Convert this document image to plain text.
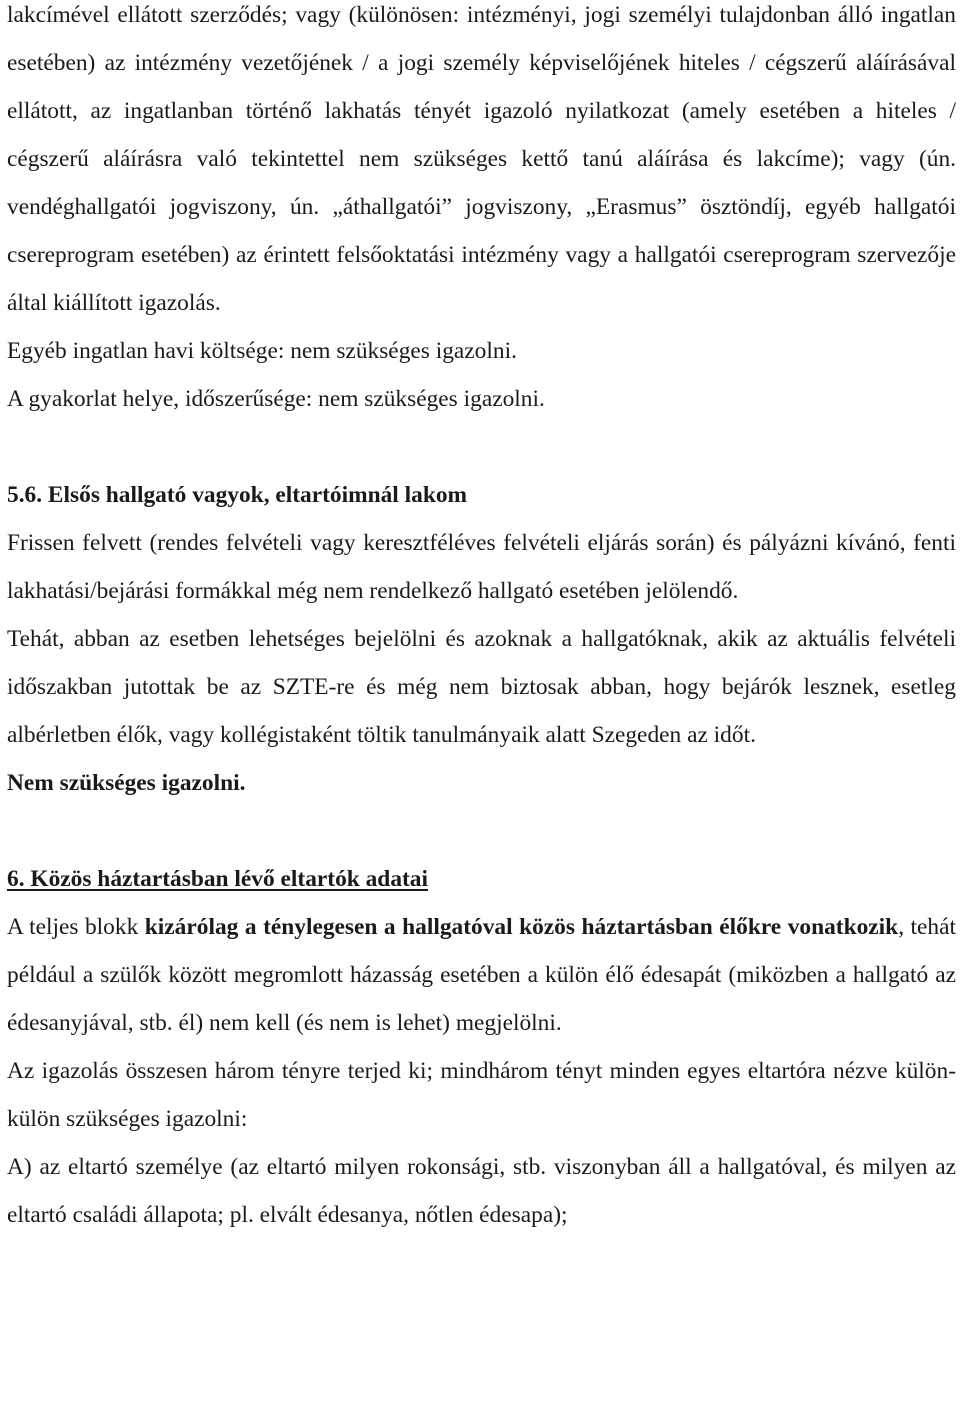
lakcímével ellátott szerződés; vagy (különösen: intézményi, jogi személyi tulajdonban álló ingatlan esetében) az intézmény vezetőjének / a jogi személy képviselőjének hiteles / cégszerű aláírásával ellátott, az ingatlanban történő lakhatás tényét igazoló nyilatkozat (amely esetében a hiteles / cégszerű aláírásra való tekintettel nem szükséges kettő tanú aláírása és lakcíme); vagy (ún. vendéghallgatói jogviszony, ún. „áthallgatói” jogviszony, „Erasmus” ösztöndíj, egyéb hallgatói csereprogram esetében) az érintett felsőoktatási intézmény vagy a hallgatói csereprogram szervezője által kiállított igazolás.

Egyéb ingatlan havi költsége: nem szükséges igazolni.

A gyakorlat helye, időszerűsége: nem szükséges igazolni.

5.6. Elsős hallgató vagyok, eltartóimnál lakom

Frissen felvett (rendes felvételi vagy keresztféléves felvételi eljárás során) és pályázni kívánó, fenti lakhatási/bejárási formákkal még nem rendelkező hallgató esetében jelölendő.

Tehát, abban az esetben lehetséges bejelölni és azoknak a hallgatóknak, akik az aktuális felvételi időszakban jutottak be az SZTE-re és még nem biztosak abban, hogy bejárók lesznek, esetleg albérletben élők, vagy kollégistaként töltik tanulmányaik alatt Szegeden az időt.

Nem szükséges igazolni.

6. Közös háztartásban lévő eltartók adatai

A teljes blokk kizárólag a ténylegesen a hallgatóval közös háztartásban élőkre vonatkozik, tehát például a szülők között megromlott házasság esetében a külön élő édesapát (miközben a hallgató az édesanyjával, stb. él) nem kell (és nem is lehet) megjelölni.

Az igazolás összesen három tényre terjed ki; mindhárom tényt minden egyes eltartóra nézve külön-külön szükséges igazolni:

A) az eltartó személye (az eltartó milyen rokonsági, stb. viszonyban áll a hallgatóval, és milyen az eltartó családi állapota; pl. elvált édesanya, nőtlen édesapa);
